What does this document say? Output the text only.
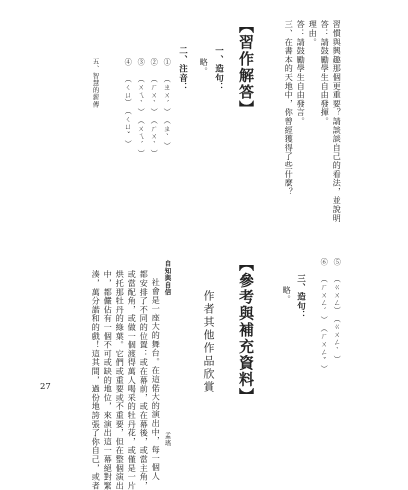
三、在書本的天地中，你曾經獲得了些什麼？ 答：請鼓勵學生自由發言。 理由。 答：請鼓勵學生自由發揮。 習慣與興趣那個更重要？請談談自己的看法，並說明
【習作解答】
一、造句：
略。
二、注音：
① （ㄓㄨˊ）　（ㄓˋ）
② （ㄏㄨˋ）　（ㄏㄨˋ）
③ （ㄨㄟˋ）　（ㄨㄟˊ）
④ （ㄑㄩ）　（ㄑㄩˇ）
五、智慧的薪傳
⑤ （ㄍㄨㄥ）　（ㄍㄨㄥˋ）
⑥ （ㄏㄨㄥˊ）　（ㄏㄨㄥˇ）
三、造句：
略。
【參考與補充資料】
作者其他作品欣賞
自知與自信
孟瑤
社會是一座大的舞台。在這偌大的演出中，每一個人
都安排了不同的位置：或在幕前，或在幕後，或當主角，
或當配角，或做一個渡得萬人喝采的牡丹花，或僅是一片
烘托那牡丹的綠葉。它們或重要或不重要，但在整個演出
中，都儼佔有一個不可或缺的地位，來演出這一幕絕對緊
湊，萬分諧和的戲！這其間，過份地誇張了你自己，或者
27
